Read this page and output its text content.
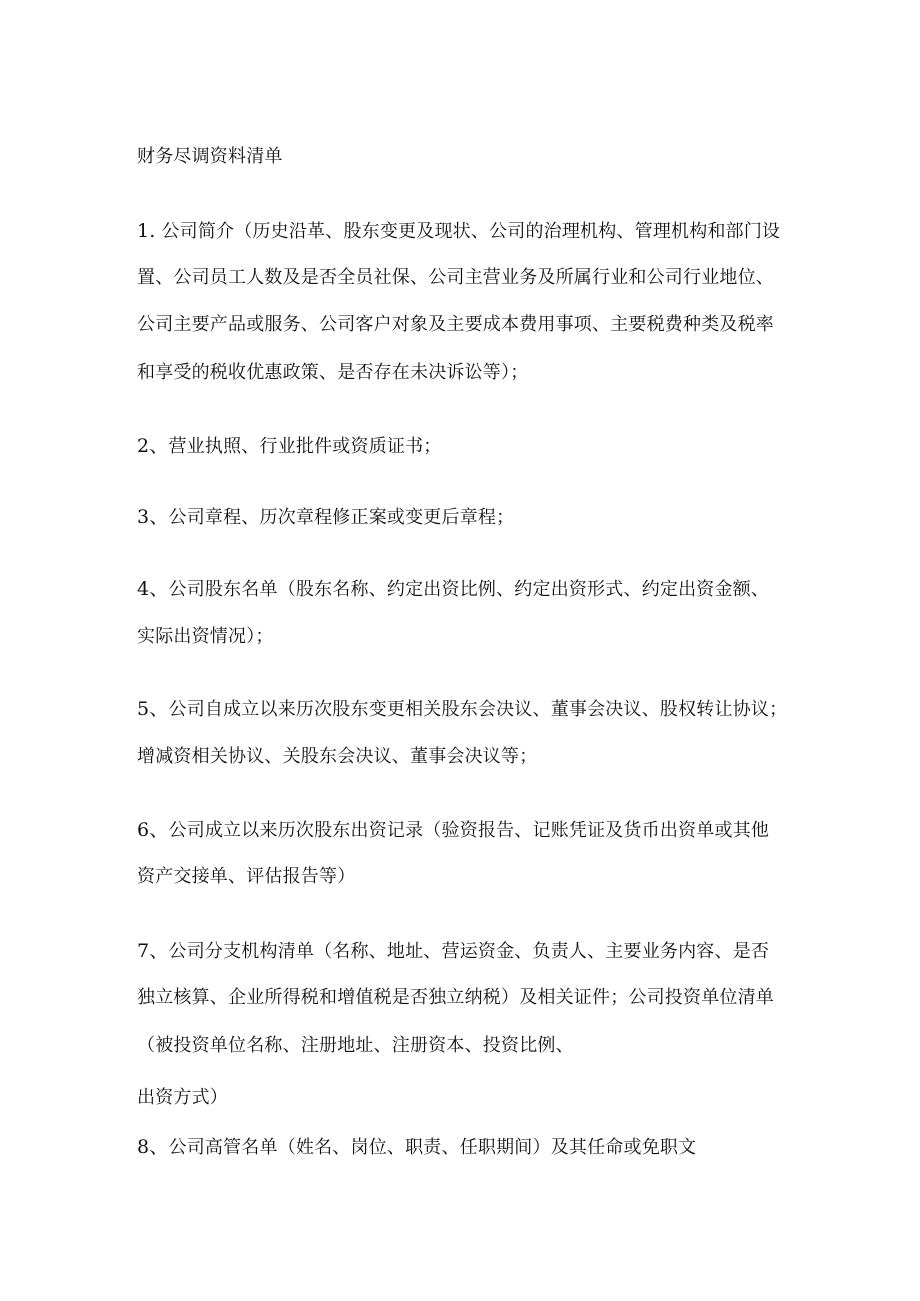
财务尽调资料清单
1. 公司简介（历史沿革、股东变更及现状、公司的治理机构、管理机构和部门设
置、公司员工人数及是否全员社保、公司主营业务及所属行业和公司行业地位、
公司主要产品或服务、公司客户对象及主要成本费用事项、主要税费种类及税率
和享受的税收优惠政策、是否存在未决诉讼等）；
2、营业执照、行业批件或资质证书；
3、公司章程、历次章程修正案或变更后章程；
4、公司股东名单（股东名称、约定出资比例、约定出资形式、约定出资金额、
实际出资情况）；
5、公司自成立以来历次股东变更相关股东会决议、董事会决议、股权转让协议；
增减资相关协议、关股东会决议、董事会决议等；
6、公司成立以来历次股东出资记录（验资报告、记账凭证及货币出资单或其他
资产交接单、评估报告等）
7、公司分支机构清单（名称、地址、营运资金、负责人、主要业务内容、是否
独立核算、企业所得税和增值税是否独立纳税）及相关证件；公司投资单位清单
（被投资单位名称、注册地址、注册资本、投资比例、
出资方式）
8、公司高管名单（姓名、岗位、职责、任职期间）及其任命或免职文
